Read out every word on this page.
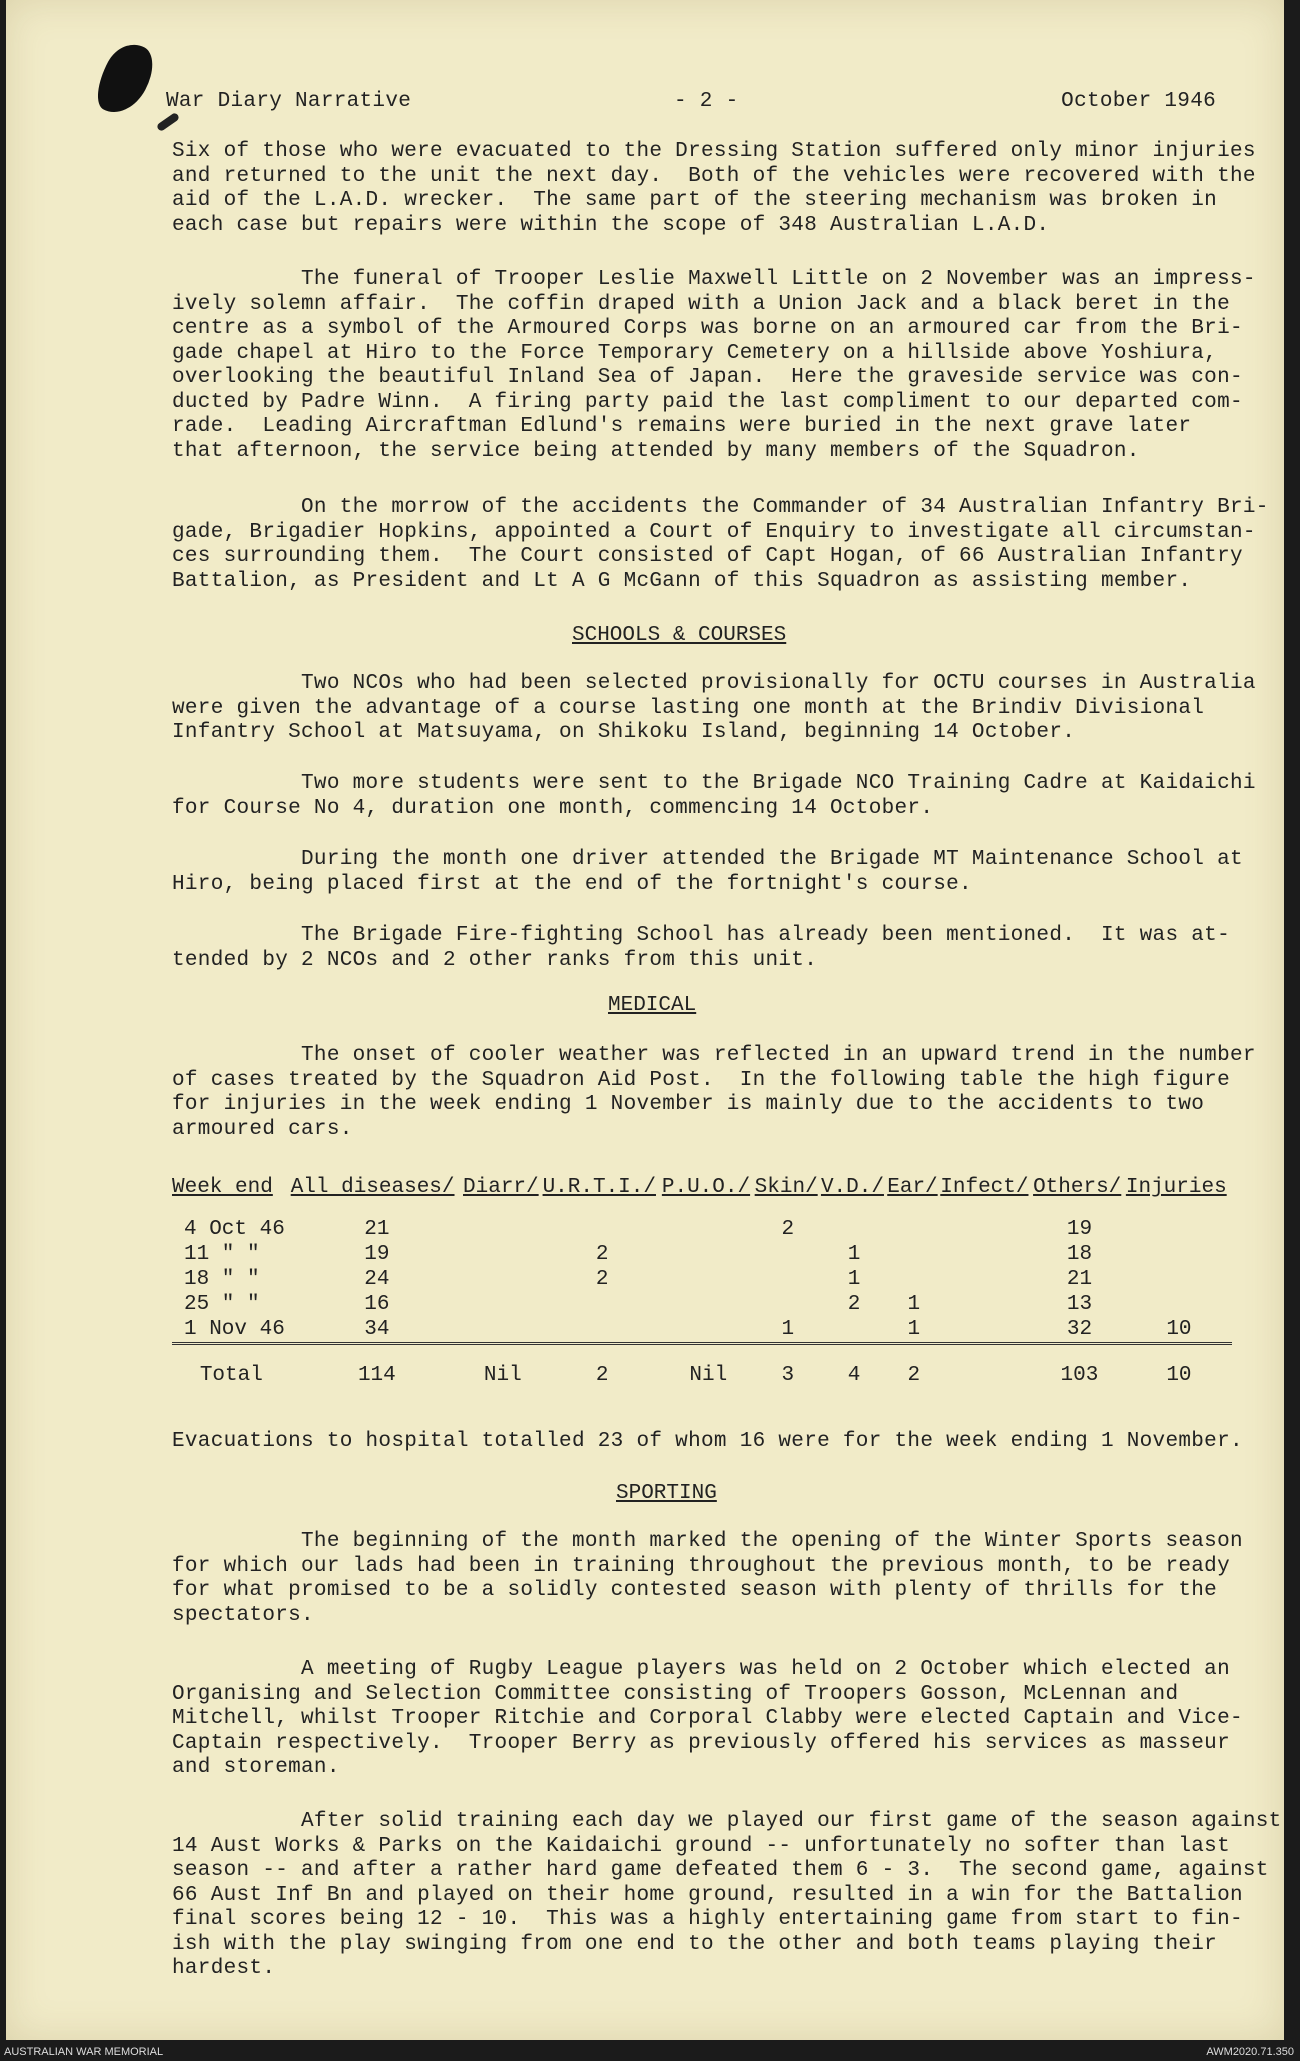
War Diary Narrative

	- 2 -

	October 1946

Six of those who were evacuated to the Dressing Station suffered only minor injuries
and returned to the unit the next day.  Both of the vehicles were recovered with the
aid of the L.A.D. wrecker.  The same part of the steering mechanism was broken in
each case but repairs were within the scope of 348 Australian L.A.D.
The funeral of Trooper Leslie Maxwell Little on 2 November was an impress-
ively solemn affair.  The coffin draped with a Union Jack and a black beret in the
centre as a symbol of the Armoured Corps was borne on an armoured car from the Bri-
gade chapel at Hiro to the Force Temporary Cemetery on a hillside above Yoshiura,
overlooking the beautiful Inland Sea of Japan.  Here the graveside service was con-
ducted by Padre Winn.  A firing party paid the last compliment to our departed com-
rade.  Leading Aircraftman Edlund's remains were buried in the next grave later
that afternoon, the service being attended by many members of the Squadron.
On the morrow of the accidents the Commander of 34 Australian Infantry Bri-
gade, Brigadier Hopkins, appointed a Court of Enquiry to investigate all circumstan-
ces surrounding them.  The Court consisted of Capt Hogan, of 66 Australian Infantry
Battalion, as President and Lt A G McGann of this Squadron as assisting member.
SCHOOLS & COURSES
Two NCOs who had been selected provisionally for OCTU courses in Australia
were given the advantage of a course lasting one month at the Brindiv Divisional
Infantry School at Matsuyama, on Shikoku Island, beginning 14 October.
Two more students were sent to the Brigade NCO Training Cadre at Kaidaichi
for Course No 4, duration one month, commencing 14 October.
During the month one driver attended the Brigade MT Maintenance School at
Hiro, being placed first at the end of the fortnight's course.
The Brigade Fire-fighting School has already been mentioned.  It was at-
tended by 2 NCOs and 2 other ranks from this unit.
MEDICAL
The onset of cooler weather was reflected in an upward trend in the number
of cases treated by the Squadron Aid Post.  In the following table the high figure
for injuries in the week ending 1 November is mainly due to the accidents to two
armoured cars.
Week end	All diseases/	Diarr/	U.R.T.I./	P.U.O./	Skin/	V.D./	Ear/	Infect/	Others/	Injuries
4 Oct 46	21				2				19	
11 " "	19		2			1			18	
18 " "	24		2			1			21	
25 " "	16					2	1		13	
1 Nov 46	34				1		1		32	10
Total	114	Nil	2	Nil	3	4	2		103	10
Evacuations to hospital totalled 23 of whom 16 were for the week ending 1 November.
SPORTING
The beginning of the month marked the opening of the Winter Sports season
for which our lads had been in training throughout the previous month, to be ready
for what promised to be a solidly contested season with plenty of thrills for the
spectators.
A meeting of Rugby League players was held on 2 October which elected an
Organising and Selection Committee consisting of Troopers Gosson, McLennan and
Mitchell, whilst Trooper Ritchie and Corporal Clabby were elected Captain and Vice-
Captain respectively.  Trooper Berry as previously offered his services as masseur
and storeman.
After solid training each day we played our first game of the season against
14 Aust Works & Parks on the Kaidaichi ground -- unfortunately no softer than last
season -- and after a rather hard game defeated them 6 - 3.  The second game, against
66 Aust Inf Bn and played on their home ground, resulted in a win for the Battalion
final scores being 12 - 10.  This was a highly entertaining game from start to fin-
ish with the play swinging from one end to the other and both teams playing their
hardest.
AUSTRALIAN WAR MEMORIAL	AWM2020.71.350
